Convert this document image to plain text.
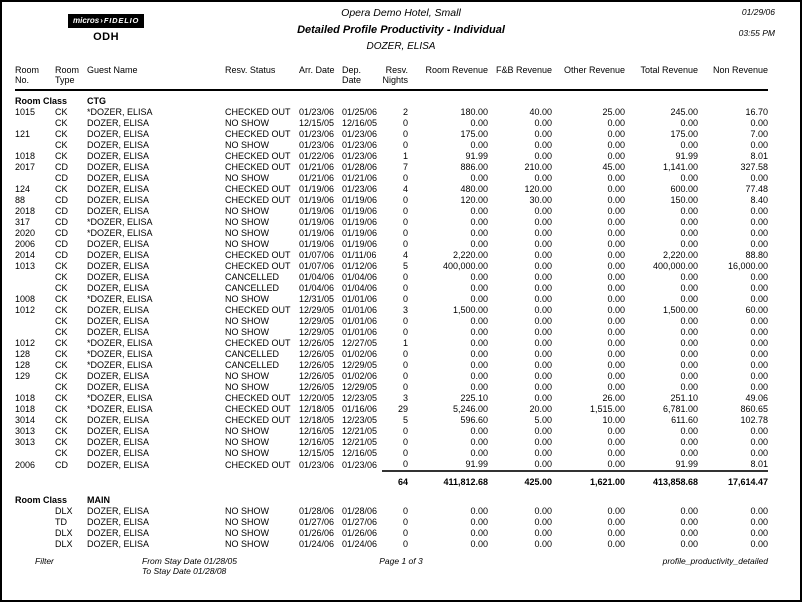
micros›FIDELIO
ODH
Opera Demo Hotel, Small
Detailed Profile Productivity - Individual
DOZER, ELISA
01/29/06
03:55 PM
Room No.	Room Type	Guest Name	Resv. Status	Arr. Date	Dep. Date	Resv. Nights	Room Revenue	F&B Revenue	Other Revenue	Total Revenue	Non Revenue
Room Class		CTG									
1015	CK	*DOZER, ELISA	CHECKED OUT	01/23/06	01/25/06	2	180.00	40.00	25.00	245.00	16.70
	CK	DOZER, ELISA	NO SHOW	12/15/05	12/16/05	0	0.00	0.00	0.00	0.00	0.00
121	CK	DOZER, ELISA	CHECKED OUT	01/23/06	01/23/06	0	175.00	0.00	0.00	175.00	7.00
	CK	DOZER, ELISA	NO SHOW	01/23/06	01/23/06	0	0.00	0.00	0.00	0.00	0.00
1018	CK	DOZER, ELISA	CHECKED OUT	01/22/06	01/23/06	1	91.99	0.00	0.00	91.99	8.01
2017	CD	DOZER, ELISA	CHECKED OUT	01/21/06	01/28/06	7	886.00	210.00	45.00	1,141.00	327.58
	CD	DOZER, ELISA	NO SHOW	01/21/06	01/21/06	0	0.00	0.00	0.00	0.00	0.00
124	CK	DOZER, ELISA	CHECKED OUT	01/19/06	01/23/06	4	480.00	120.00	0.00	600.00	77.48
88	CD	DOZER, ELISA	CHECKED OUT	01/19/06	01/19/06	0	120.00	30.00	0.00	150.00	8.40
2018	CD	DOZER, ELISA	NO SHOW	01/19/06	01/19/06	0	0.00	0.00	0.00	0.00	0.00
317	CD	*DOZER, ELISA	NO SHOW	01/19/06	01/19/06	0	0.00	0.00	0.00	0.00	0.00
2020	CD	*DOZER, ELISA	NO SHOW	01/19/06	01/19/06	0	0.00	0.00	0.00	0.00	0.00
2006	CD	DOZER, ELISA	NO SHOW	01/19/06	01/19/06	0	0.00	0.00	0.00	0.00	0.00
2014	CD	DOZER, ELISA	CHECKED OUT	01/07/06	01/11/06	4	2,220.00	0.00	0.00	2,220.00	88.80
1013	CK	DOZER, ELISA	CHECKED OUT	01/07/06	01/12/06	5	400,000.00	0.00	0.00	400,000.00	16,000.00
	CK	DOZER, ELISA	CANCELLED	01/04/06	01/04/06	0	0.00	0.00	0.00	0.00	0.00
	CK	DOZER, ELISA	CANCELLED	01/04/06	01/04/06	0	0.00	0.00	0.00	0.00	0.00
1008	CK	*DOZER, ELISA	NO SHOW	12/31/05	01/01/06	0	0.00	0.00	0.00	0.00	0.00
1012	CK	DOZER, ELISA	CHECKED OUT	12/29/05	01/01/06	3	1,500.00	0.00	0.00	1,500.00	60.00
	CK	DOZER, ELISA	NO SHOW	12/29/05	01/01/06	0	0.00	0.00	0.00	0.00	0.00
	CK	DOZER, ELISA	NO SHOW	12/29/05	01/01/06	0	0.00	0.00	0.00	0.00	0.00
1012	CK	*DOZER, ELISA	CHECKED OUT	12/26/05	12/27/05	1	0.00	0.00	0.00	0.00	0.00
128	CK	*DOZER, ELISA	CANCELLED	12/26/05	01/02/06	0	0.00	0.00	0.00	0.00	0.00
128	CK	*DOZER, ELISA	CANCELLED	12/26/05	12/29/05	0	0.00	0.00	0.00	0.00	0.00
129	CK	DOZER, ELISA	NO SHOW	12/26/05	01/02/06	0	0.00	0.00	0.00	0.00	0.00
	CK	DOZER, ELISA	NO SHOW	12/26/05	12/29/05	0	0.00	0.00	0.00	0.00	0.00
1018	CK	*DOZER, ELISA	CHECKED OUT	12/20/05	12/23/05	3	225.10	0.00	26.00	251.10	49.06
1018	CK	*DOZER, ELISA	CHECKED OUT	12/18/05	01/16/06	29	5,246.00	20.00	1,515.00	6,781.00	860.65
3014	CK	DOZER, ELISA	CHECKED OUT	12/18/05	12/23/05	5	596.60	5.00	10.00	611.60	102.78
3013	CK	DOZER, ELISA	NO SHOW	12/16/05	12/21/05	0	0.00	0.00	0.00	0.00	0.00
3013	CK	DOZER, ELISA	NO SHOW	12/16/05	12/21/05	0	0.00	0.00	0.00	0.00	0.00
	CK	DOZER, ELISA	NO SHOW	12/15/05	12/16/05	0	0.00	0.00	0.00	0.00	0.00
2006	CD	DOZER, ELISA	CHECKED OUT	01/23/06	01/23/06	0	91.99	0.00	0.00	91.99	8.01
						64	411,812.68	425.00	1,621.00	413,858.68	17,614.47
Room Class		MAIN									
	DLX	DOZER, ELISA	NO SHOW	01/28/06	01/28/06	0	0.00	0.00	0.00	0.00	0.00
	TD	DOZER, ELISA	NO SHOW	01/27/06	01/27/06	0	0.00	0.00	0.00	0.00	0.00
	DLX	DOZER, ELISA	NO SHOW	01/26/06	01/26/06	0	0.00	0.00	0.00	0.00	0.00
	DLX	DOZER, ELISA	NO SHOW	01/24/06	01/24/06	0	0.00	0.00	0.00	0.00	0.00
Filter	From Stay Date 01/28/05
To Stay Date 01/28/08
Page 1 of 3	profile_productivity_detailed
